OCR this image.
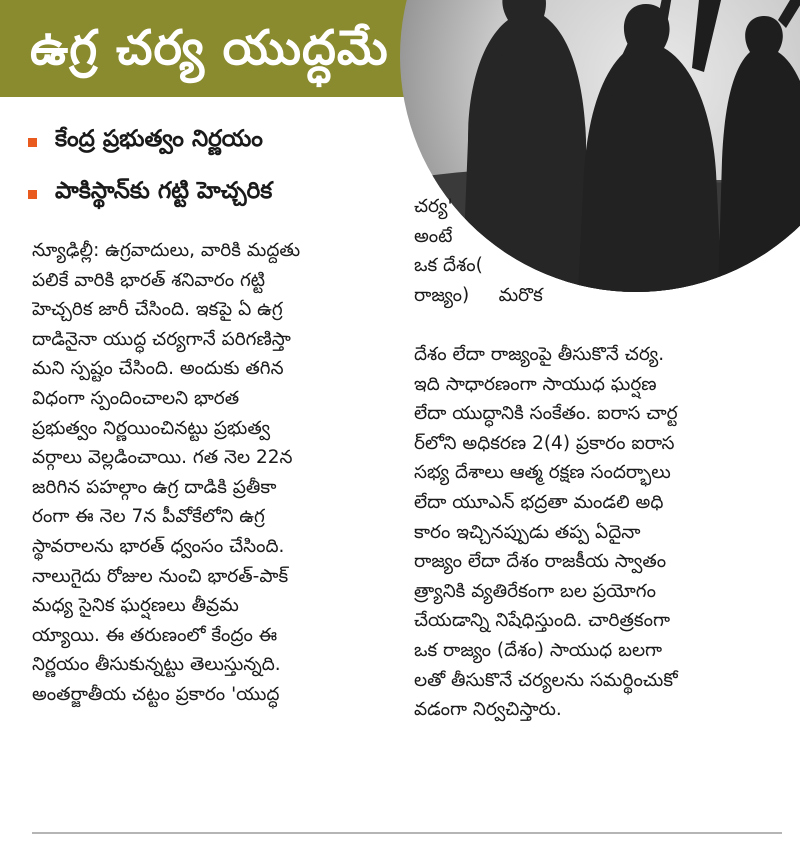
ఉగ్ర చర్య యుద్ధమే
కేంద్ర ప్రభుత్వం నిర్ణయం
పాకిస్థాన్‌కు గట్టి హెచ్చరిక
న్యూఢిల్లీ: ఉగ్రవాదులు, వారికి మద్దతు
పలికే వారికి భారత్ శనివారం గట్టి
హెచ్చరిక జారీ చేసింది. ఇకపై ఏ ఉగ్ర
దాడినైనా యుద్ధ చర్యగానే పరిగణిస్తా
మని స్పష్టం చేసింది. అందుకు తగిన
విధంగా స్పందించాలని భారత
ప్రభుత్వం నిర్ణయించినట్టు ప్రభుత్వ
వర్గాలు వెల్లడించాయి. గత నెల 22న
జరిగిన పహల్గాం ఉగ్ర దాడికి ప్రతీకా
రంగా ఈ నెల 7న పీవోకేలోని ఉగ్ర
స్థావరాలను భారత్ ధ్వంసం చేసింది.
నాలుగైదు రోజుల నుంచి భారత్-పాక్
మధ్య సైనిక ఘర్షణలు తీవ్రమ
య్యాయి. ఈ తరుణంలో కేంద్రం ఈ
నిర్ణయం తీసుకున్నట్టు తెలుస్తున్నది.
అంతర్జాతీయ చట్టం ప్రకారం 'యుద్ధ
చర్య'
అంటే
ఒక దేశం(
రాజ్యం)     మరొక
దేశం లేదా రాజ్యంపై తీసుకొనే చర్య.
ఇది సాధారణంగా సాయుధ ఘర్షణ
లేదా యుద్ధానికి సంకేతం. ఐరాస చార్ట
ర్‌లోని అధికరణ 2(4) ప్రకారం ఐరాస
సభ్య దేశాలు ఆత్మ రక్షణ సందర్భాలు
లేదా యూఎన్ భద్రతా మండలి అధి
కారం ఇచ్చినప్పుడు తప్ప ఏదైనా
రాజ్యం లేదా దేశం రాజకీయ స్వాతం
త్ర్యానికి వ్యతిరేకంగా బల ప్రయోగం
చేయడాన్ని నిషేధిస్తుంది. చారిత్రకంగా
ఒక రాజ్యం (దేశం) సాయుధ బలగా
లతో తీసుకొనే చర్యలను సమర్థించుకో
వడంగా నిర్వచిస్తారు.
